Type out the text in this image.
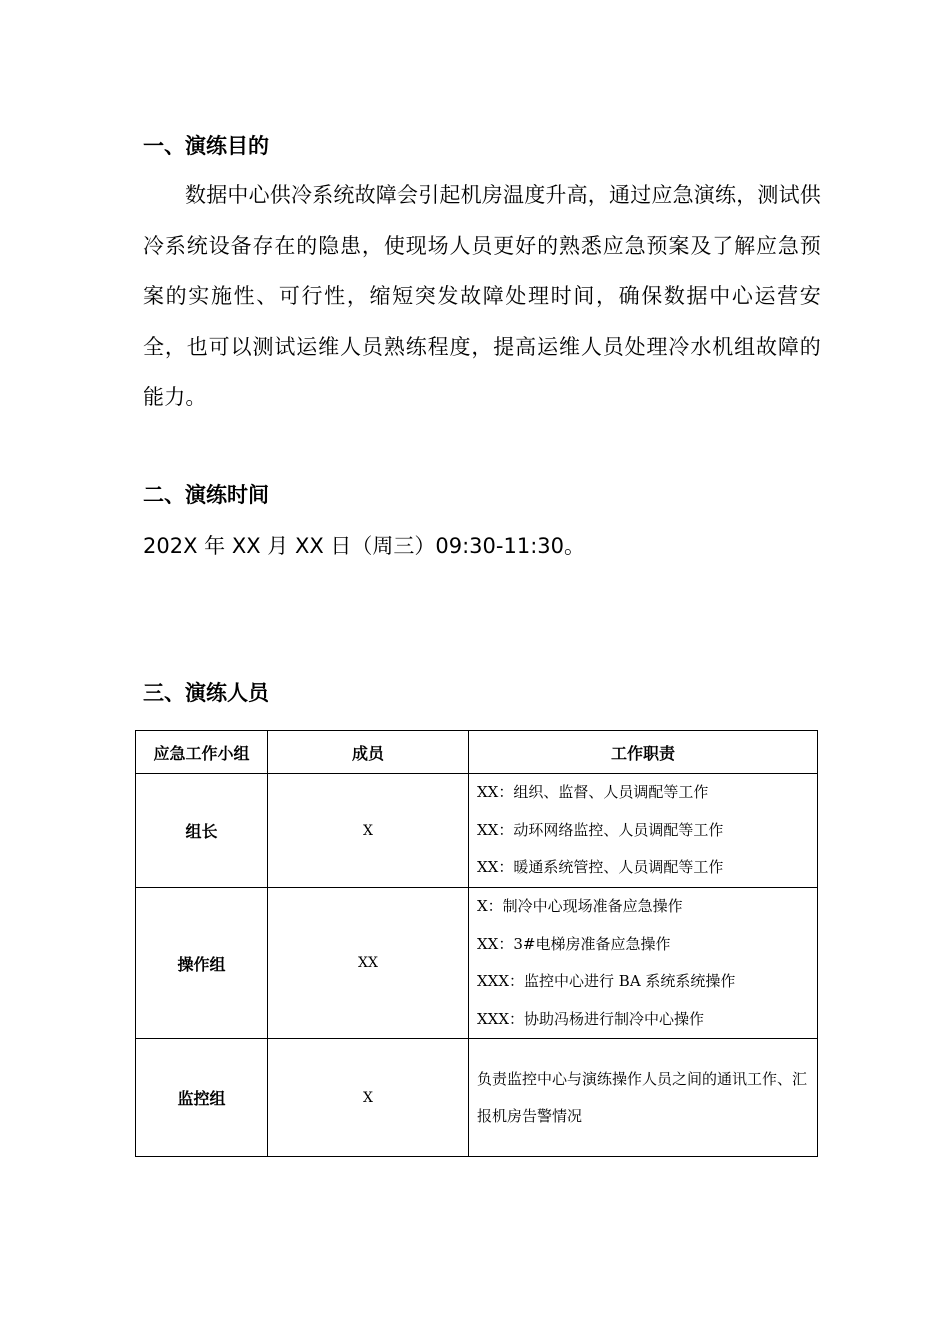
一、演练目的

数据中心供冷系统故障会引起机房温度升高，通过应急演练，测试供冷系统设备存在的隐患，使现场人员更好的熟悉应急预案及了解应急预案的实施性、可行性，缩短突发故障处理时间，确保数据中心运营安全，也可以测试运维人员熟练程度，提高运维人员处理冷水机组故障的能力。

二、演练时间

202X 年 XX 月 XX 日（周三）09:30-11:30。

三、演练人员
应急工作小组	成员	工作职责
组长	X	XX：组织、监督、人员调配等工作
XX：动环网络监控、人员调配等工作
XX：暖通系统管控、人员调配等工作

操作组	XX	X：制冷中心现场准备应急操作
XX：3#电梯房准备应急操作
XXX：监控中心进行 BA 系统系统操作
XXX：协助冯杨进行制冷中心操作

监控组	X	负责监控中心与演练操作人员之间的通讯工作、汇报机房告警情况
